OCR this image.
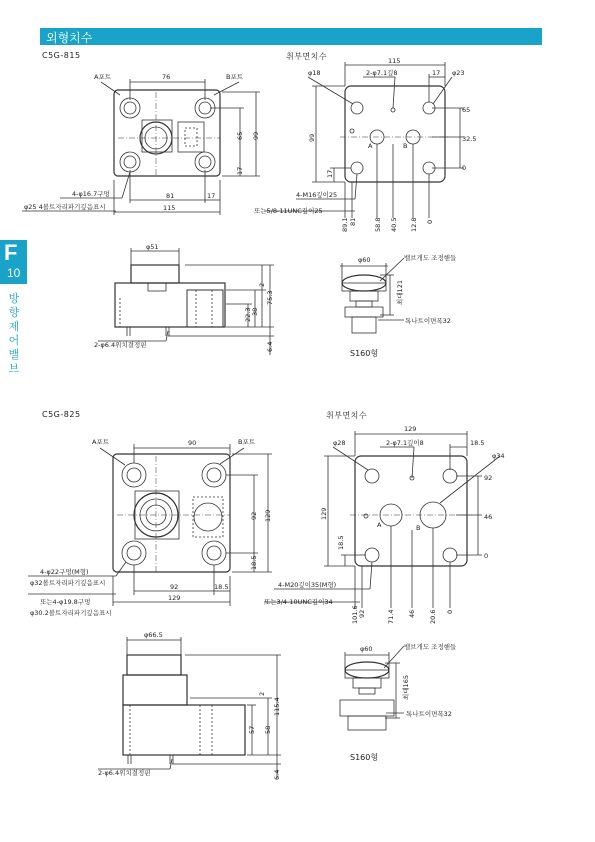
외형치수
F
10
방향제어밸브
C5G-815	취부면치수
C5G-825	취부면치수
A포트	B포트
76
65 99
17
81	17
115
4-φ16.7구멍
φ25 4볼트자리파기깊음표시
115
φ18	2-φ7.1깊8	17 φ23
65
32.5
0
99
17
A	B
4-M16깊이25
또는5/8-11UNC깊이25
89.1 81	58.8 40.5 12.8 0
φ51
2
75.3
38
22.3
6.4
2-φ6.4위치결정핀
φ60	밸브개도 조정핸들
최대121
톡나트이면폭32
S160형
A포트	B포트
90
92 129
18.5
92	18.5
129
4-φ22구멍(M형)
φ32볼트자리파기깊음표시
또는4-φ19.8구멍
φ30.2볼트자리파기깊음표시
129
φ28	2-φ7.1깊이8	18.5
φ34
92
46
0
129
18.5
A	B
4-M20깊이35(M형)
또는3/4-10UNC깊이34
101.6 92	71.4 46 20.6 0
φ66.5
2
115.4
58
57
6.4
2-φ6.4위치결정핀
φ60	밸브개도 조정핸들
최대165
톡나트이면폭32
S160형
